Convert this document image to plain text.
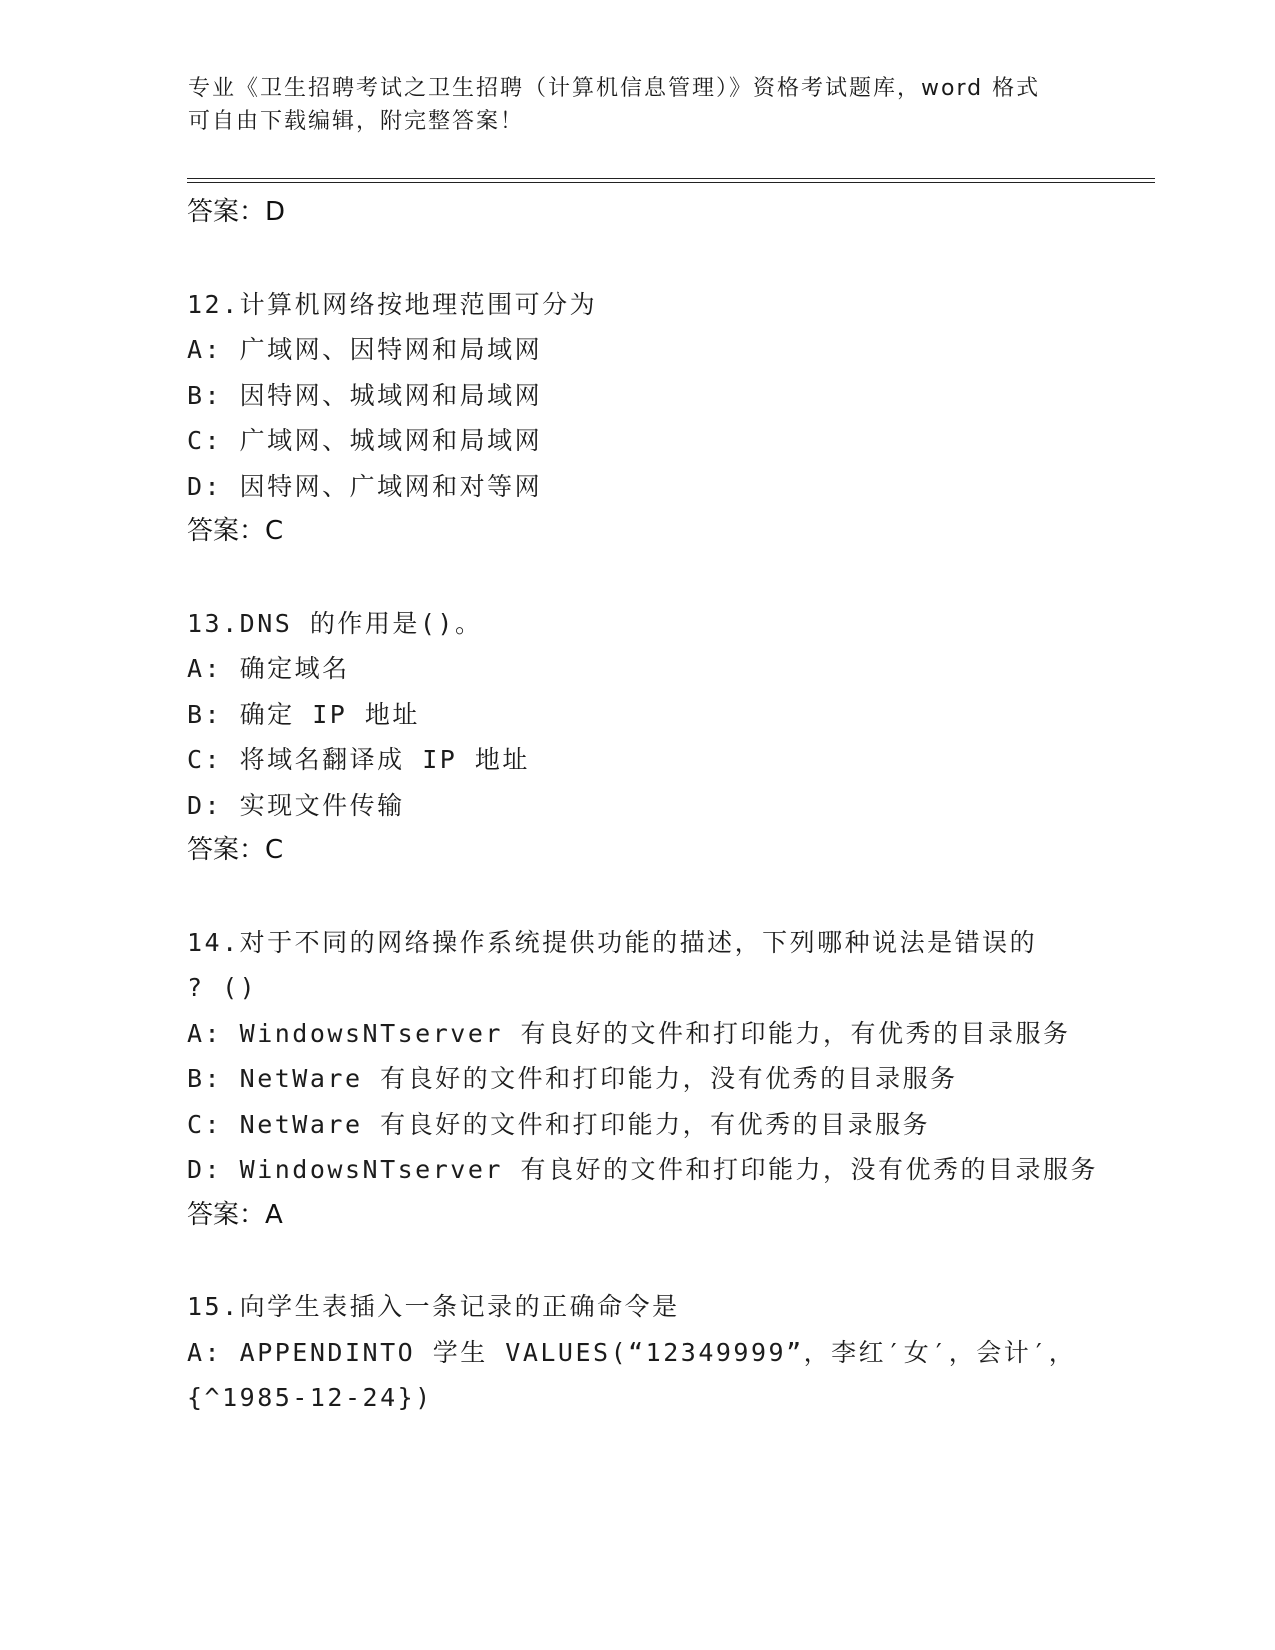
专业《卫生招聘考试之卫生招聘（计算机信息管理）》资格考试题库，word 格式
可自由下载编辑，附完整答案！
答案：D
12.计算机网络按地理范围可分为
A: 广域网、因特网和局域网
B: 因特网、城域网和局域网
C: 广域网、城域网和局域网
D: 因特网、广域网和对等网
答案：C
13.DNS 的作用是()。
A: 确定域名
B: 确定 IP 地址
C: 将域名翻译成 IP 地址
D: 实现文件传输
答案：C
14.对于不同的网络操作系统提供功能的描述，下列哪种说法是错误的
? ()
A: WindowsNTserver 有良好的文件和打印能力，有优秀的目录服务
B: NetWare 有良好的文件和打印能力，没有优秀的目录服务
C: NetWare 有良好的文件和打印能力，有优秀的目录服务
D: WindowsNTserver 有良好的文件和打印能力，没有优秀的目录服务
答案：A
15.向学生表插入一条记录的正确命令是
A: APPENDINTO 学生 VALUES(“12349999”，李红′女′，会计′，
{^1985-12-24})
